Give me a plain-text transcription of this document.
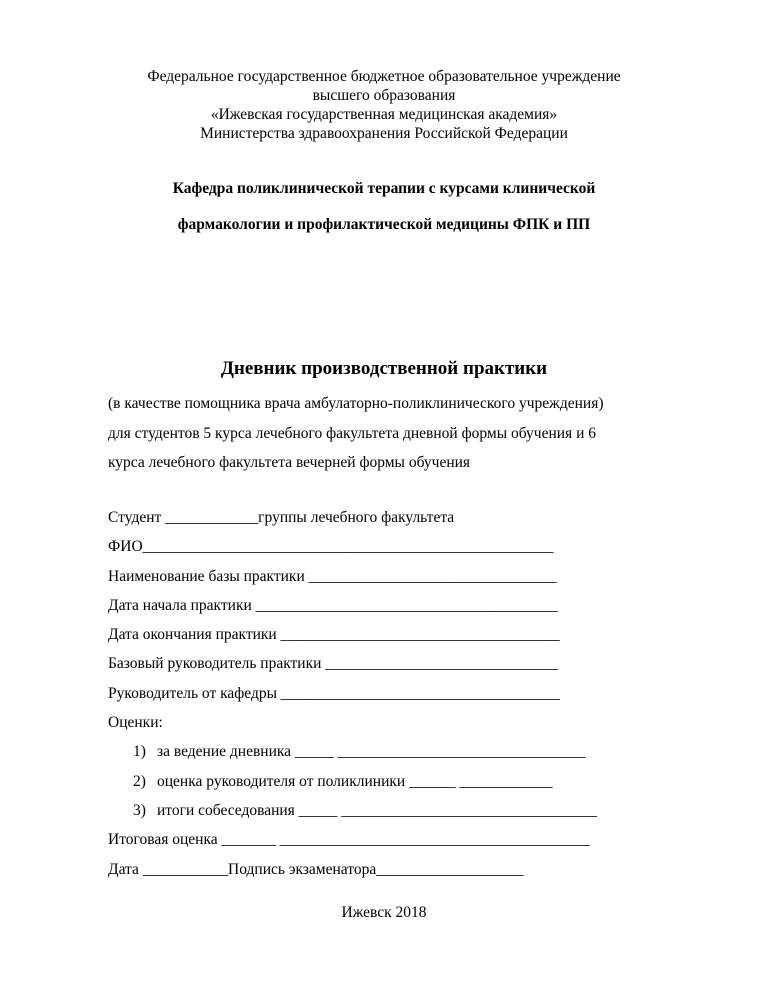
Федеральное государственное бюджетное образовательное учреждение
высшего образования
«Ижевская государственная медицинская академия»
Министерства здравоохранения Российской Федерации
Кафедра поликлинической терапии с курсами клинической
фармакологии и профилактической медицины ФПК и ПП
Дневник производственной практики
(в качестве помощника врача амбулаторно-поликлинического учреждения)
для студентов 5 курса лечебного факультета дневной формы обучения и 6
курса лечебного факультета вечерней формы обучения
Студент ____________группы лечебного факультета
ФИО_____________________________________________________
Наименование базы практики ________________________________
Дата начала практики _______________________________________
Дата окончания практики ____________________________________
Базовый руководитель практики ______________________________
Руководитель от кафедры ____________________________________
Оценки:
1) за ведение дневника _____ ________________________________
2) оценка руководителя от поликлиники ______ ____________
3) итоги собеседования _____ _________________________________
Итоговая оценка _______ ________________________________________
Дата ___________Подпись экзаменатора___________________
Ижевск 2018
